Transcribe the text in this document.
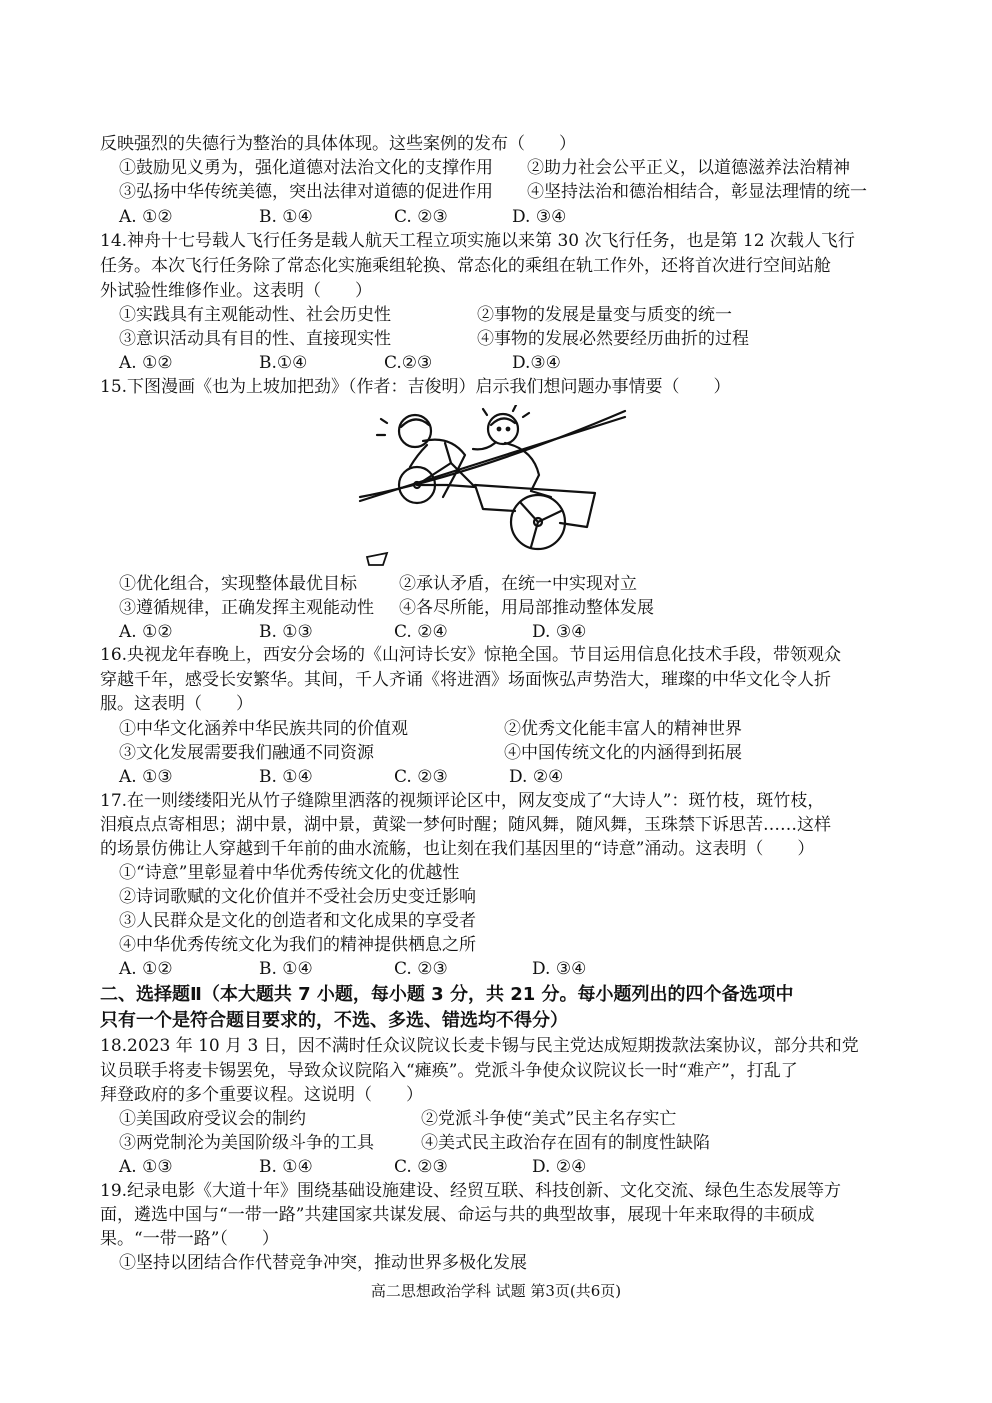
反映强烈的失德行为整治的具体体现。这些案例的发布（　　）
①鼓励见义勇为，强化道德对法治文化的支撑作用 ②助力社会公平正义，以道德滋养法治精神
③弘扬中华传统美德，突出法律对道德的促进作用 ④坚持法治和德治相结合，彰显法理情的统一
A. ①②	B. ①④	C. ②③	D. ③④
14.神舟十七号载人飞行任务是载人航天工程立项实施以来第 30 次飞行任务，也是第 12 次载人飞行
任务。本次飞行任务除了常态化实施乘组轮换、常态化的乘组在轨工作外，还将首次进行空间站舱
外试验性维修作业。这表明（　　）
①实践具有主观能动性、社会历史性	②事物的发展是量变与质变的统一
③意识活动具有目的性、直接现实性	④事物的发展必然要经历曲折的过程
A. ①②	B.①④	C.②③	D.③④
15.下图漫画《也为上坡加把劲》（作者：吉俊明）启示我们想问题办事情要（　　）
①优化组合，实现整体最优目标 ②承认矛盾，在统一中实现对立
③遵循规律，正确发挥主观能动性 ④各尽所能，用局部推动整体发展
A. ①②	B. ①③	C. ②④	D. ③④
16.央视龙年春晚上，西安分会场的《山河诗长安》惊艳全国。节目运用信息化技术手段，带领观众
穿越千年，感受长安繁华。其间，千人齐诵《将进酒》场面恢弘声势浩大，璀璨的中华文化令人折
服。这表明（　　）
①中华文化涵养中华民族共同的价值观	②优秀文化能丰富人的精神世界
③文化发展需要我们融通不同资源	④中国传统文化的内涵得到拓展
A. ①③	B. ①④	C. ②③	D. ②④
17.在一则缕缕阳光从竹子缝隙里洒落的视频评论区中，网友变成了“大诗人”：斑竹枝，斑竹枝，
泪痕点点寄相思；湖中景，湖中景，黄粱一梦何时醒；随风舞，随风舞，玉珠禁下诉思苦……这样
的场景仿佛让人穿越到千年前的曲水流觞，也让刻在我们基因里的“诗意”涌动。这表明（　　）
①“诗意”里彰显着中华优秀传统文化的优越性
②诗词歌赋的文化价值并不受社会历史变迁影响
③人民群众是文化的创造者和文化成果的享受者
④中华优秀传统文化为我们的精神提供栖息之所
A. ①②	B. ①④	C. ②③	D. ③④
二、选择题Ⅱ（本大题共 7 小题，每小题 3 分，共 21 分。每小题列出的四个备选项中
只有一个是符合题目要求的，不选、多选、错选均不得分）
18.2023 年 10 月 3 日，因不满时任众议院议长麦卡锡与民主党达成短期拨款法案协议，部分共和党
议员联手将麦卡锡罢免，导致众议院陷入“瘫痪”。党派斗争使众议院议长一时“难产”，打乱了
拜登政府的多个重要议程。这说明（　　）
①美国政府受议会的制约	②党派斗争使“美式”民主名存实亡
③两党制沦为美国阶级斗争的工具	④美式民主政治存在固有的制度性缺陷
A. ①③	B. ①④	C. ②③	D. ②④
19.纪录电影《大道十年》围绕基础设施建设、经贸互联、科技创新、文化交流、绿色生态发展等方
面，遴选中国与“一带一路”共建国家共谋发展、命运与共的典型故事，展现十年来取得的丰硕成
果。“一带一路”（　　）
①坚持以团结合作代替竞争冲突，推动世界多极化发展
高二思想政治学科 试题 第3页(共6页)
